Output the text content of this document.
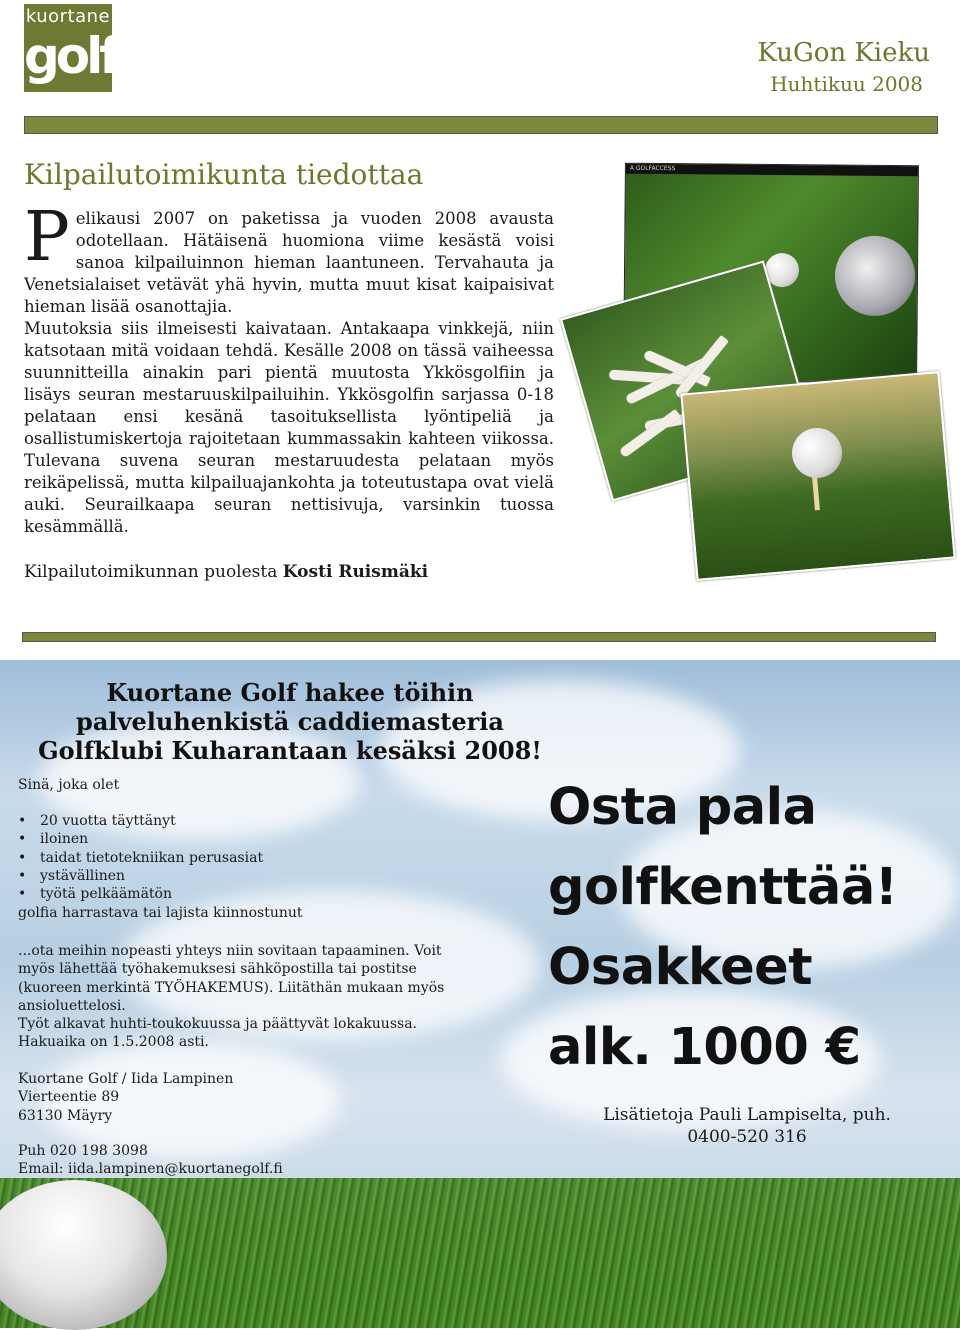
kuortane
golf	KuGon Kieku
Huhtikuu 2008
Kilpailutoimikunta tiedottaa
P elikausi 2007 on paketissa ja vuoden 2008 avausta odotellaan. Hätäisenä huomiona viime kesästä voisi sanoa kilpailuinnon hieman laantuneen. Tervahauta ja Venetsialaiset vetävät yhä hyvin, mutta muut kisat kaipaisivat hieman lisää osanottajia.

Muutoksia siis ilmeisesti kaivataan. Antakaapa vinkkejä, niin katsotaan mitä voidaan tehdä. Kesälle 2008 on tässä vaiheessa suunnitteilla ainakin pari pientä muutosta Ykkösgolfiin ja lisäys seuran mestaruuskilpailuihin. Ykkösgolfin sarjassa 0-18 pelataan ensi kesänä tasoituksellista lyöntipeliä ja osallistumiskertoja rajoitetaan kummassakin kahteen viikossa. Tulevana suvena seuran mestaruudesta pelataan myös reikäpelissä, mutta kilpailuajankohta ja toteutustapa ovat vielä auki. Seurailkaapa seuran nettisivuja, varsinkin tuossa kesämmällä.

Kilpailutoimikunnan puolesta Kosti Ruismäki
A GOLFACCESS
Kuortane Golf hakee töihin
palveluhenkistä caddiemasteria
Golfklubi Kuharantaan kesäksi 2008!
Sinä, joka olet
• 20 vuotta täyttänyt
• iloinen
• taidat tietotekniikan perusasiat
• ystävällinen
• työtä pelkäämätön
golfia harrastava tai lajista kiinnostunut
...ota meihin nopeasti yhteys niin sovitaan tapaaminen. Voit
myös lähettää työhakemuksesi sähköpostilla tai postitse
(kuoreen merkintä TYÖHAKEMUS). Liitäthän mukaan myös
ansioluettelosi.
Työt alkavat huhti-toukokuussa ja päättyvät lokakuussa.
Hakuaika on 1.5.2008 asti.
Kuortane Golf / Iida Lampinen
Vierteentie 89
63130 Mäyry
Puh 020 198 3098
Email: iida.lampinen@kuortanegolf.fi
Osta pala
golfkenttää!
Osakkeet
alk. 1000 €
Lisätietoja Pauli Lampiselta, puh.
0400-520 316
